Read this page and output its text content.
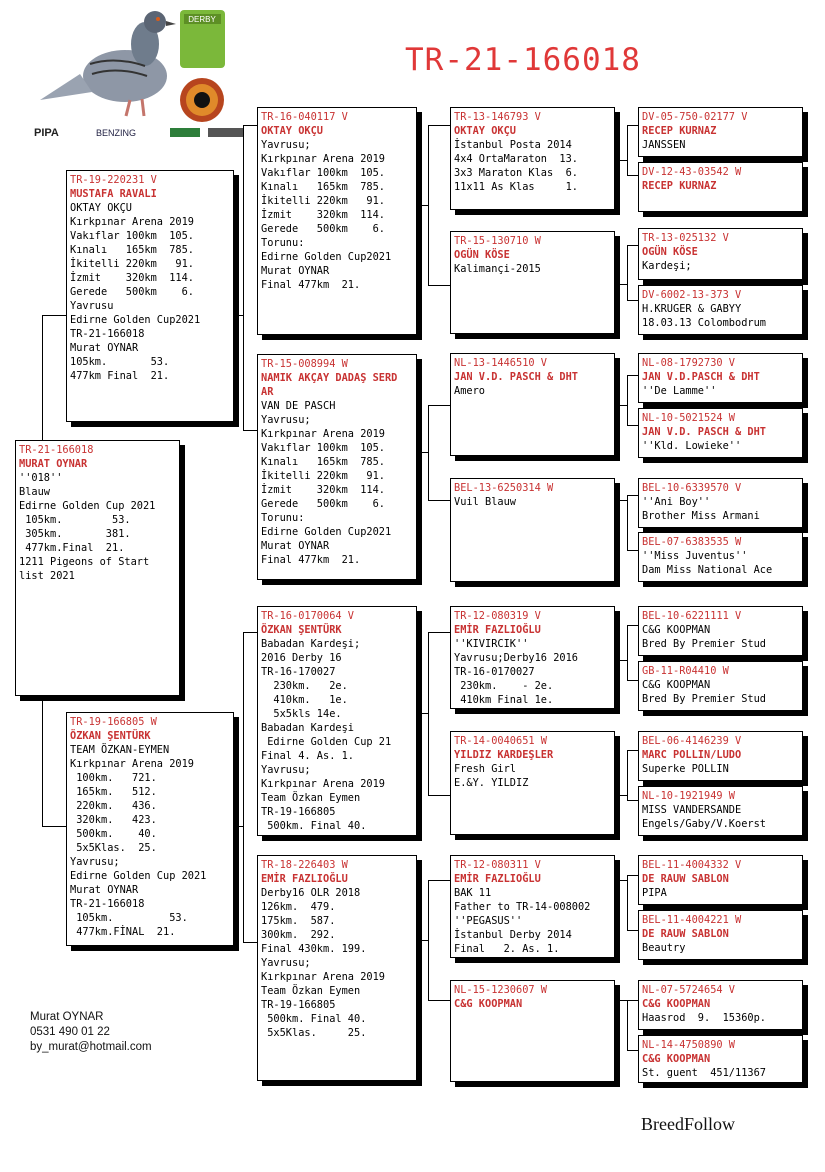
DERBY
PIPA	BENZING
TR-21-166018
TR-21-166018
MURAT OYNAR
''018''
Blauw
Edirne Golden Cup 2021
105km.        53.
305km.       381.
477km.Final  21.
1211 Pigeons of Start
list 2021
TR-19-220231 V
MUSTAFA RAVALI
OKTAY OKÇU
Kırkpınar Arena 2019
Vakıflar 100km  105.
Kınalı   165km  785.
İkitelli 220km   91.
İzmit    320km  114.
Gerede   500km    6.
Yavrusu
Edirne Golden Cup2021
TR-21-166018
Murat OYNAR
105km.       53.
477km Final  21.
TR-19-166805 W
ÖZKAN ŞENTÜRK
TEAM ÖZKAN-EYMEN
Kırkpınar Arena 2019
100km.   721.
165km.   512.
220km.   436.
320km.   423.
500km.    40.
5x5Klas.  25.
Yavrusu;
Edirne Golden Cup 2021
Murat OYNAR
TR-21-166018
105km.         53.
477km.FİNAL  21.
TR-16-040117 V
OKTAY OKÇU
Yavrusu;
Kırkpınar Arena 2019
Vakıflar 100km  105.
Kınalı   165km  785.
İkitelli 220km   91.
İzmit    320km  114.
Gerede   500km    6.
Torunu:
Edirne Golden Cup2021
Murat OYNAR
Final 477km  21.
TR-15-008994 W
NAMIK AKÇAY DADAŞ SERD
AR
VAN DE PASCH
Yavrusu;
Kırkpınar Arena 2019
Vakıflar 100km  105.
Kınalı   165km  785.
İkitelli 220km   91.
İzmit    320km  114.
Gerede   500km    6.
Torunu:
Edirne Golden Cup2021
Murat OYNAR
Final 477km  21.
TR-16-0170064 V
ÖZKAN ŞENTÜRK
Babadan Kardeşi;
2016 Derby 16
TR-16-170027
230km.   2e.
410km.   1e.
5x5kls 14e.
Babadan Kardeşi
Edirne Golden Cup 21
Final 4. As. 1.
Yavrusu;
Kırkpınar Arena 2019
Team Özkan Eymen
TR-19-166805
500km. Final 40.
TR-18-226403 W
EMİR FAZLIOĞLU
Derby16 OLR 2018
126km.  479.
175km.  587.
300km.  292.
Final 430km. 199.
Yavrusu;
Kırkpınar Arena 2019
Team Özkan Eymen
TR-19-166805
500km. Final 40.
5x5Klas.     25.
TR-13-146793 V
OKTAY OKÇU
İstanbul Posta 2014
4x4 OrtaMaraton  13.
3x3 Maraton Klas  6.
11x11 As Klas     1.
TR-15-130710 W
OGÜN KÖSE
Kalimançi-2015
NL-13-1446510 V
JAN V.D. PASCH & DHT
Amero
BEL-13-6250314 W
Vuil Blauw
TR-12-080319 V
EMİR FAZLIOĞLU
''KIVIRCIK''
Yavrusu;Derby16 2016
TR-16-0170027
230km.    - 2e.
410km Final 1e.
TR-14-0040651 W
YILDIZ KARDEŞLER
Fresh Girl
E.&Y. YILDIZ
TR-12-080311 V
EMİR FAZLIOĞLU
BAK 11
Father to TR-14-008002
''PEGASUS''
İstanbul Derby 2014
Final   2. As. 1.
NL-15-1230607 W
C&G KOOPMAN
DV-05-750-02177 V
RECEP KURNAZ
JANSSEN
DV-12-43-03542 W
RECEP KURNAZ
TR-13-025132 V
OGÜN KÖSE
Kardeşi;
DV-6002-13-373 V
H.KRUGER & GABYY
18.03.13 Colombodrum
NL-08-1792730 V
JAN V.D.PASCH & DHT
''De Lamme''
NL-10-5021524 W
JAN V.D. PASCH & DHT
''Kld. Lowieke''
BEL-10-6339570 V
''Ani Boy''
Brother Miss Armani
BEL-07-6383535 W
''Miss Juventus''
Dam Miss National Ace
BEL-10-6221111 V
C&G KOOPMAN
Bred By Premier Stud
GB-11-R04410 W
C&G KOOPMAN
Bred By Premier Stud
BEL-06-4146239 V
MARC POLLIN/LUDO
Superke POLLIN
NL-10-1921949 W
MISS VANDERSANDE
Engels/Gaby/V.Koerst
BEL-11-4004332 V
DE RAUW SABLON
PIPA
BEL-11-4004221 W
DE RAUW SABLON
Beautry
NL-07-5724654 V
C&G KOOPMAN
Haasrod  9.  15360p.
NL-14-4750890 W
C&G KOOPMAN
St. guent  451/11367
Murat OYNAR
0531 490 01 22
by_murat@hotmail.com
BreedFollow
